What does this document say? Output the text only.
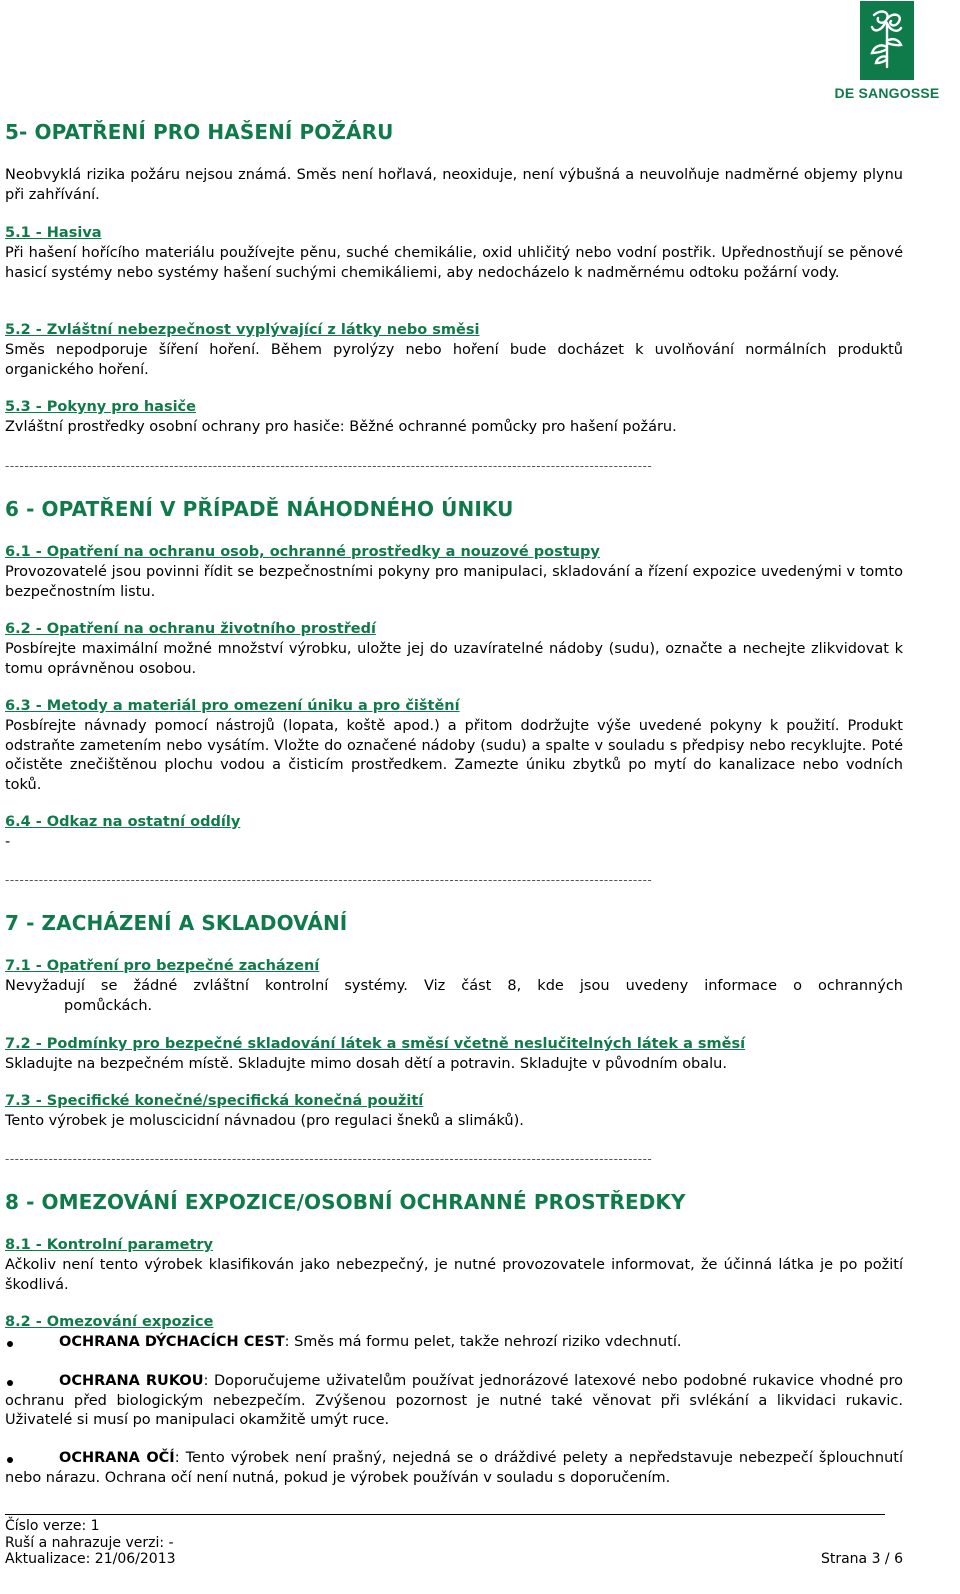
DE SANGOSSE
5- OPATŘENÍ PRO HAŠENÍ POŽÁRU
Neobvyklá rizika požáru nejsou známá. Směs není hořlavá, neoxiduje, není výbušná a neuvolňuje nadměrné objemy plynu při zahřívání.
5.1 - Hasiva
Při hašení hořícího materiálu používejte pěnu, suché chemikálie, oxid uhličitý nebo vodní postřik. Upřednostňují se pěnové hasicí systémy nebo systémy hašení suchými chemikáliemi, aby nedocházelo k nadměrnému odtoku požární vody.
5.2 - Zvláštní nebezpečnost vyplývající z látky nebo směsi
Směs nepodporuje šíření hoření. Během pyrolýzy nebo hoření bude docházet k uvolňování normálních produktů organického hoření.
5.3 - Pokyny pro hasiče
Zvláštní prostředky osobní ochrany pro hasiče: Běžné ochranné pomůcky pro hašení požáru.
--------------------------------------------------------------------------------------------------------------------------------------
6 - OPATŘENÍ V PŘÍPADĚ NÁHODNÉHO ÚNIKU
6.1 - Opatření na ochranu osob, ochranné prostředky a nouzové postupy
Provozovatelé jsou povinni řídit se bezpečnostními pokyny pro manipulaci, skladování a řízení expozice uvedenými v tomto bezpečnostním listu.
6.2 - Opatření na ochranu životního prostředí
Posbírejte maximální možné množství výrobku, uložte jej do uzavíratelné nádoby (sudu), označte a nechejte zlikvidovat k tomu oprávněnou osobou.
6.3 - Metody a materiál pro omezení úniku a pro čištění
Posbírejte návnady pomocí nástrojů (lopata, koště apod.) a přitom dodržujte výše uvedené pokyny k použití. Produkt odstraňte zametením nebo vysátím. Vložte do označené nádoby (sudu) a spalte v souladu s předpisy nebo recyklujte. Poté očistěte znečištěnou plochu vodou a čisticím prostředkem. Zamezte úniku zbytků po mytí do kanalizace nebo vodních toků.
6.4 - Odkaz na ostatní oddíly
-
--------------------------------------------------------------------------------------------------------------------------------------
7 - ZACHÁZENÍ A SKLADOVÁNÍ
7.1 - Opatření pro bezpečné zacházení
Nevyžadují se žádné zvláštní kontrolní systémy. Viz část 8, kde jsou uvedeny informace o ochranných
pomůckách.
7.2 - Podmínky pro bezpečné skladování látek a směsí včetně neslučitelných látek a směsí
Skladujte na bezpečném místě. Skladujte mimo dosah dětí a potravin. Skladujte v původním obalu.
7.3 - Specifické konečné/specifická konečná použití
Tento výrobek je moluscicidní návnadou (pro regulaci šneků a slimáků).
--------------------------------------------------------------------------------------------------------------------------------------
8 - OMEZOVÁNÍ EXPOZICE/OSOBNÍ OCHRANNÉ PROSTŘEDKY
8.1 - Kontrolní parametry
Ačkoliv není tento výrobek klasifikován jako nebezpečný, je nutné provozovatele informovat, že účinná látka je po požití škodlivá.
8.2 - Omezování expozice
OCHRANA DÝCHACÍCH CEST: Směs má formu pelet, takže nehrozí riziko vdechnutí.
OCHRANA RUKOU: Doporučujeme uživatelům používat jednorázové latexové nebo podobné rukavice vhodné pro ochranu před biologickým nebezpečím. Zvýšenou pozornost je nutné také věnovat při svlékání a likvidaci rukavic. Uživatelé si musí po manipulaci okamžitě umýt ruce.
OCHRANA OČÍ: Tento výrobek není prašný, nejedná se o dráždivé pelety a nepředstavuje nebezpečí šplouchnutí nebo nárazu. Ochrana očí není nutná, pokud je výrobek používán v souladu s doporučením.
Číslo verze: 1
Ruší a nahrazuje verzi: -
Aktualizace: 21/06/2013	Strana 3 / 6
